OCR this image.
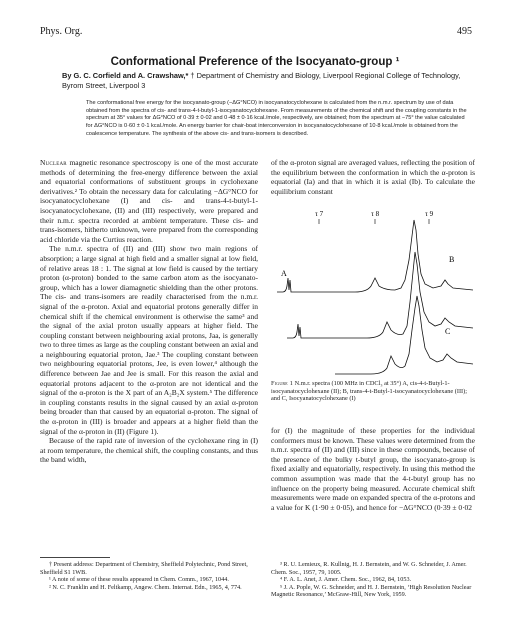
Phys. Org.	495
Conformational Preference of the Isocyanato-group ¹
By G. C. Corfield and A. Crawshaw,* † Department of Chemistry and Biology, Liverpool Regional College of Technology, Byrom Street, Liverpool 3
The conformational free energy for the isocyanato-group (−ΔG°NCO) in isocyanatocyclohexane is calculated from the n.m.r. spectrum by use of data obtained from the spectra of cis- and trans-4-t-butyl-1-isocyanatocyclohexane. From measurements of the chemical shift and the coupling constants in the spectrum at 35° values for ΔG°NCO of 0·39 ± 0·02 and 0·48 ± 0·16 kcal./mole, respectively, are obtained; from the spectrum at −75° the value calculated for ΔG°NCO is 0·60 ± 0·1 kcal./mole. An energy barrier for chair-boat interconversion in isocyanatocyclohexane of 10·8 kcal./mole is obtained from the coalescence temperature. The synthesis of the above cis- and trans-isomers is described.

Nuclear magnetic resonance spectroscopy is one of the most accurate methods of determining the free-energy difference between the axial and equatorial conformations of substituent groups in cyclohexane derivatives.² To obtain the necessary data for calculating −ΔG°NCO for isocyanatocyclohexane (I) and cis- and trans-4-t-butyl-1-isocyanatocyclohexane, (II) and (III) respectively, were prepared and their n.m.r. spectra recorded at ambient temperature. These cis- and trans-isomers, hitherto unknown, were prepared from the corresponding acid chloride via the Curtius reaction.

The n.m.r. spectra of (II) and (III) show two main regions of absorption; a large signal at high field and a smaller signal at low field, of relative areas 18 : 1. The signal at low field is caused by the tertiary proton (α-proton) bonded to the same carbon atom as the isocyanato-group, which has a lower diamagnetic shielding than the other protons. The cis- and trans-isomers are readily characterised from the n.m.r. signal of the α-proton. Axial and equatorial protons generally differ in chemical shift if the chemical environment is otherwise the same³ and the signal of the axial proton usually appears at higher field. The coupling constant between neighbouring axial protons, Jaa, is generally two to three times as large as the coupling constant between an axial and a neighbouring equatorial proton, Jae.³ The coupling constant between two neighbouring equatorial protons, Jee, is even lower,⁴ although the difference between Jae and Jee is small. For this reason the axial and equatorial protons adjacent to the α-proton are not identical and the signal of the α-proton is the X part of an A₂B₂X system.⁵ The difference in coupling constants results in the signal caused by an axial α-proton being broader than that caused by an equatorial α-proton. The signal of the α-proton in (III) is broader and appears at a higher field than the signal of the α-proton in (II) (Figure 1).

Because of the rapid rate of inversion of the cyclohexane ring in (I) at room temperature, the chemical shift, the coupling constants, and thus the band width,

of the α-proton signal are averaged values, reflecting the position of the equilibrium between the conformation in which the α-proton is equatorial (Ia) and that in which it is axial (Ib). To calculate the equilibrium constant

τ 7	τ 8	τ 9
A
B
C
Figure 1 N.m.r. spectra (100 MHz in CDCl₃ at 35°) A, cis-4-t-Butyl-1-isocyanatocyclohexane (II); B, trans-4-t-Butyl-1-isocyanatocyclohexane (III); and C, Isocyanatocyclohexane (I)

for (I) the magnitude of these properties for the individual conformers must be known. These values were determined from the n.m.r. spectra of (II) and (III) since in these compounds, because of the presence of the bulky t-butyl group, the isocyanato-group is fixed axially and equatorially, respectively. In using this method the common assumption was made that the 4-t-butyl group has no influence on the property being measured. Accurate chemical shift measurements were made on expanded spectra of the α-protons and a value for K (1·90 ± 0·05), and hence for −ΔG°NCO (0·39 ± 0·02

† Present address: Department of Chemistry, Sheffield Polytechnic, Pond Street, Sheffield S1 1WB.

¹ A note of some of these results appeared in Chem. Comm., 1967, 1044.

² N. C. Franklin and H. Feltkamp, Angew. Chem. Internat. Edn., 1965, 4, 774.

³ R. U. Lemieux, R. Kullnig, H. J. Bernstein, and W. G. Schneider, J. Amer. Chem. Soc., 1957, 79, 1005.

⁴ F. A. L. Anet, J. Amer. Chem. Soc., 1962, 84, 1053.

⁵ J. A. Pople, W. G. Schneider, and H. J. Bernstein, ‘High Resolution Nuclear Magnetic Resonance,’ McGraw-Hill, New York, 1959.
